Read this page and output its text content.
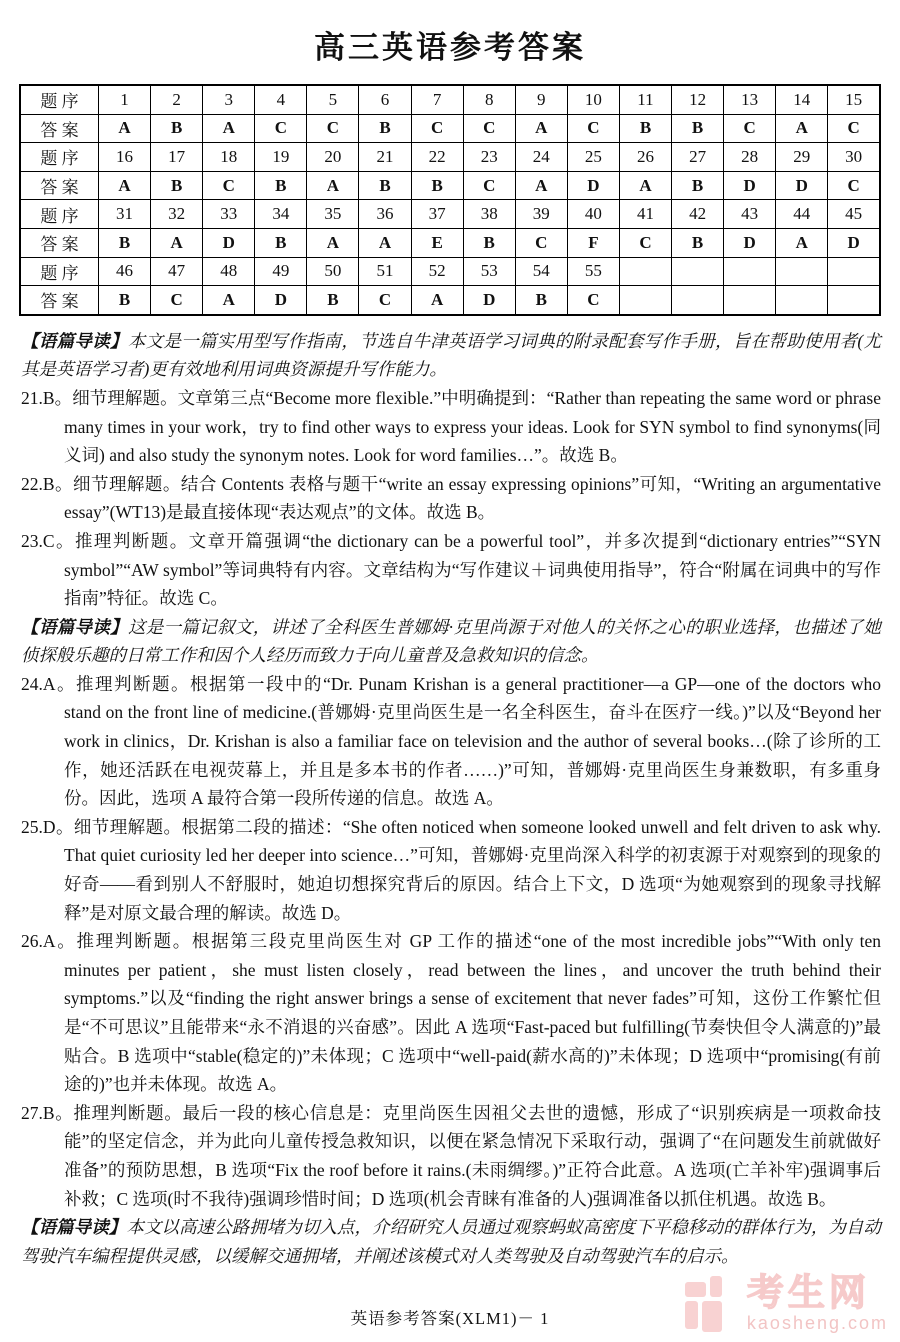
高三英语参考答案
题 序	1	2	3	4	5	6	7	8	9	10	11	12	13	14	15
答 案	A	B	A	C	C	B	C	C	A	C	B	B	C	A	C
题 序	16	17	18	19	20	21	22	23	24	25	26	27	28	29	30
答 案	A	B	C	B	A	B	B	C	A	D	A	B	D	D	C
题 序	31	32	33	34	35	36	37	38	39	40	41	42	43	44	45
答 案	B	A	D	B	A	A	E	B	C	F	C	B	D	A	D
题 序	46	47	48	49	50	51	52	53	54	55					
答 案	B	C	A	D	B	C	A	D	B	C					

【语篇导读】本文是一篇实用型写作指南，节选自牛津英语学习词典的附录配套写作手册，旨在帮助使用者(尤其是英语学习者)更有效地利用词典资源提升写作能力。

21.B。细节理解题。文章第三点“Become more flexible.”中明确提到：“Rather than repeating the same word or phrase many times in your work，try to find other ways to express your ideas. Look for SYN symbol to find synonyms(同义词) and also study the synonym notes. Look for word families…”。故选 B。

22.B。细节理解题。结合 Contents 表格与题干“write an essay expressing opinions”可知，“Writing an argumentative essay”(WT13)是最直接体现“表达观点”的文体。故选 B。

23.C。推理判断题。文章开篇强调“the dictionary can be a powerful tool”，并多次提到“dictionary entries”“SYN symbol”“AW symbol”等词典特有内容。文章结构为“写作建议＋词典使用指导”，符合“附属在词典中的写作指南”特征。故选 C。

【语篇导读】这是一篇记叙文，讲述了全科医生普娜姆·克里尚源于对他人的关怀之心的职业选择，也描述了她侦探般乐趣的日常工作和因个人经历而致力于向儿童普及急救知识的信念。

24.A。推理判断题。根据第一段中的“Dr. Punam Krishan is a general practitioner—a GP—one of the doctors who stand on the front line of medicine.(普娜姆·克里尚医生是一名全科医生，奋斗在医疗一线。)”以及“Beyond her work in clinics，Dr. Krishan is also a familiar face on television and the author of several books…(除了诊所的工作，她还活跃在电视荧幕上，并且是多本书的作者……)”可知，普娜姆·克里尚医生身兼数职，有多重身份。因此，选项 A 最符合第一段所传递的信息。故选 A。

25.D。细节理解题。根据第二段的描述：“She often noticed when someone looked unwell and felt driven to ask why. That quiet curiosity led her deeper into science…”可知，普娜姆·克里尚深入科学的初衷源于对观察到的现象的好奇——看到别人不舒服时，她迫切想探究背后的原因。结合上下文，D 选项“为她观察到的现象寻找解释”是对原文最合理的解读。故选 D。

26.A。推理判断题。根据第三段克里尚医生对 GP 工作的描述“one of the most incredible jobs”“With only ten minutes per patient，she must listen closely，read between the lines，and uncover the truth behind their symptoms.”以及“finding the right answer brings a sense of excitement that never fades”可知，这份工作繁忙但是“不可思议”且能带来“永不消退的兴奋感”。因此 A 选项“Fast-paced but fulfilling(节奏快但令人满意的)”最贴合。B 选项中“stable(稳定的)”未体现；C 选项中“well-paid(薪水高的)”未体现；D 选项中“promising(有前途的)”也并未体现。故选 A。

27.B。推理判断题。最后一段的核心信息是：克里尚医生因祖父去世的遗憾，形成了“识别疾病是一项救命技能”的坚定信念，并为此向儿童传授急救知识，以便在紧急情况下采取行动，强调了“在问题发生前就做好准备”的预防思想，B 选项“Fix the roof before it rains.(未雨绸缪。)”正符合此意。A 选项(亡羊补牢)强调事后补救；C 选项(时不我待)强调珍惜时间；D 选项(机会青睐有准备的人)强调准备以抓住机遇。故选 B。

【语篇导读】本文以高速公路拥堵为切入点，介绍研究人员通过观察蚂蚁高密度下平稳移动的群体行为，为自动驾驶汽车编程提供灵感，以缓解交通拥堵，并阐述该模式对人类驾驶及自动驾驶汽车的启示。

英语参考答案(XLM1)－ 1
考生网
kaosheng.com
